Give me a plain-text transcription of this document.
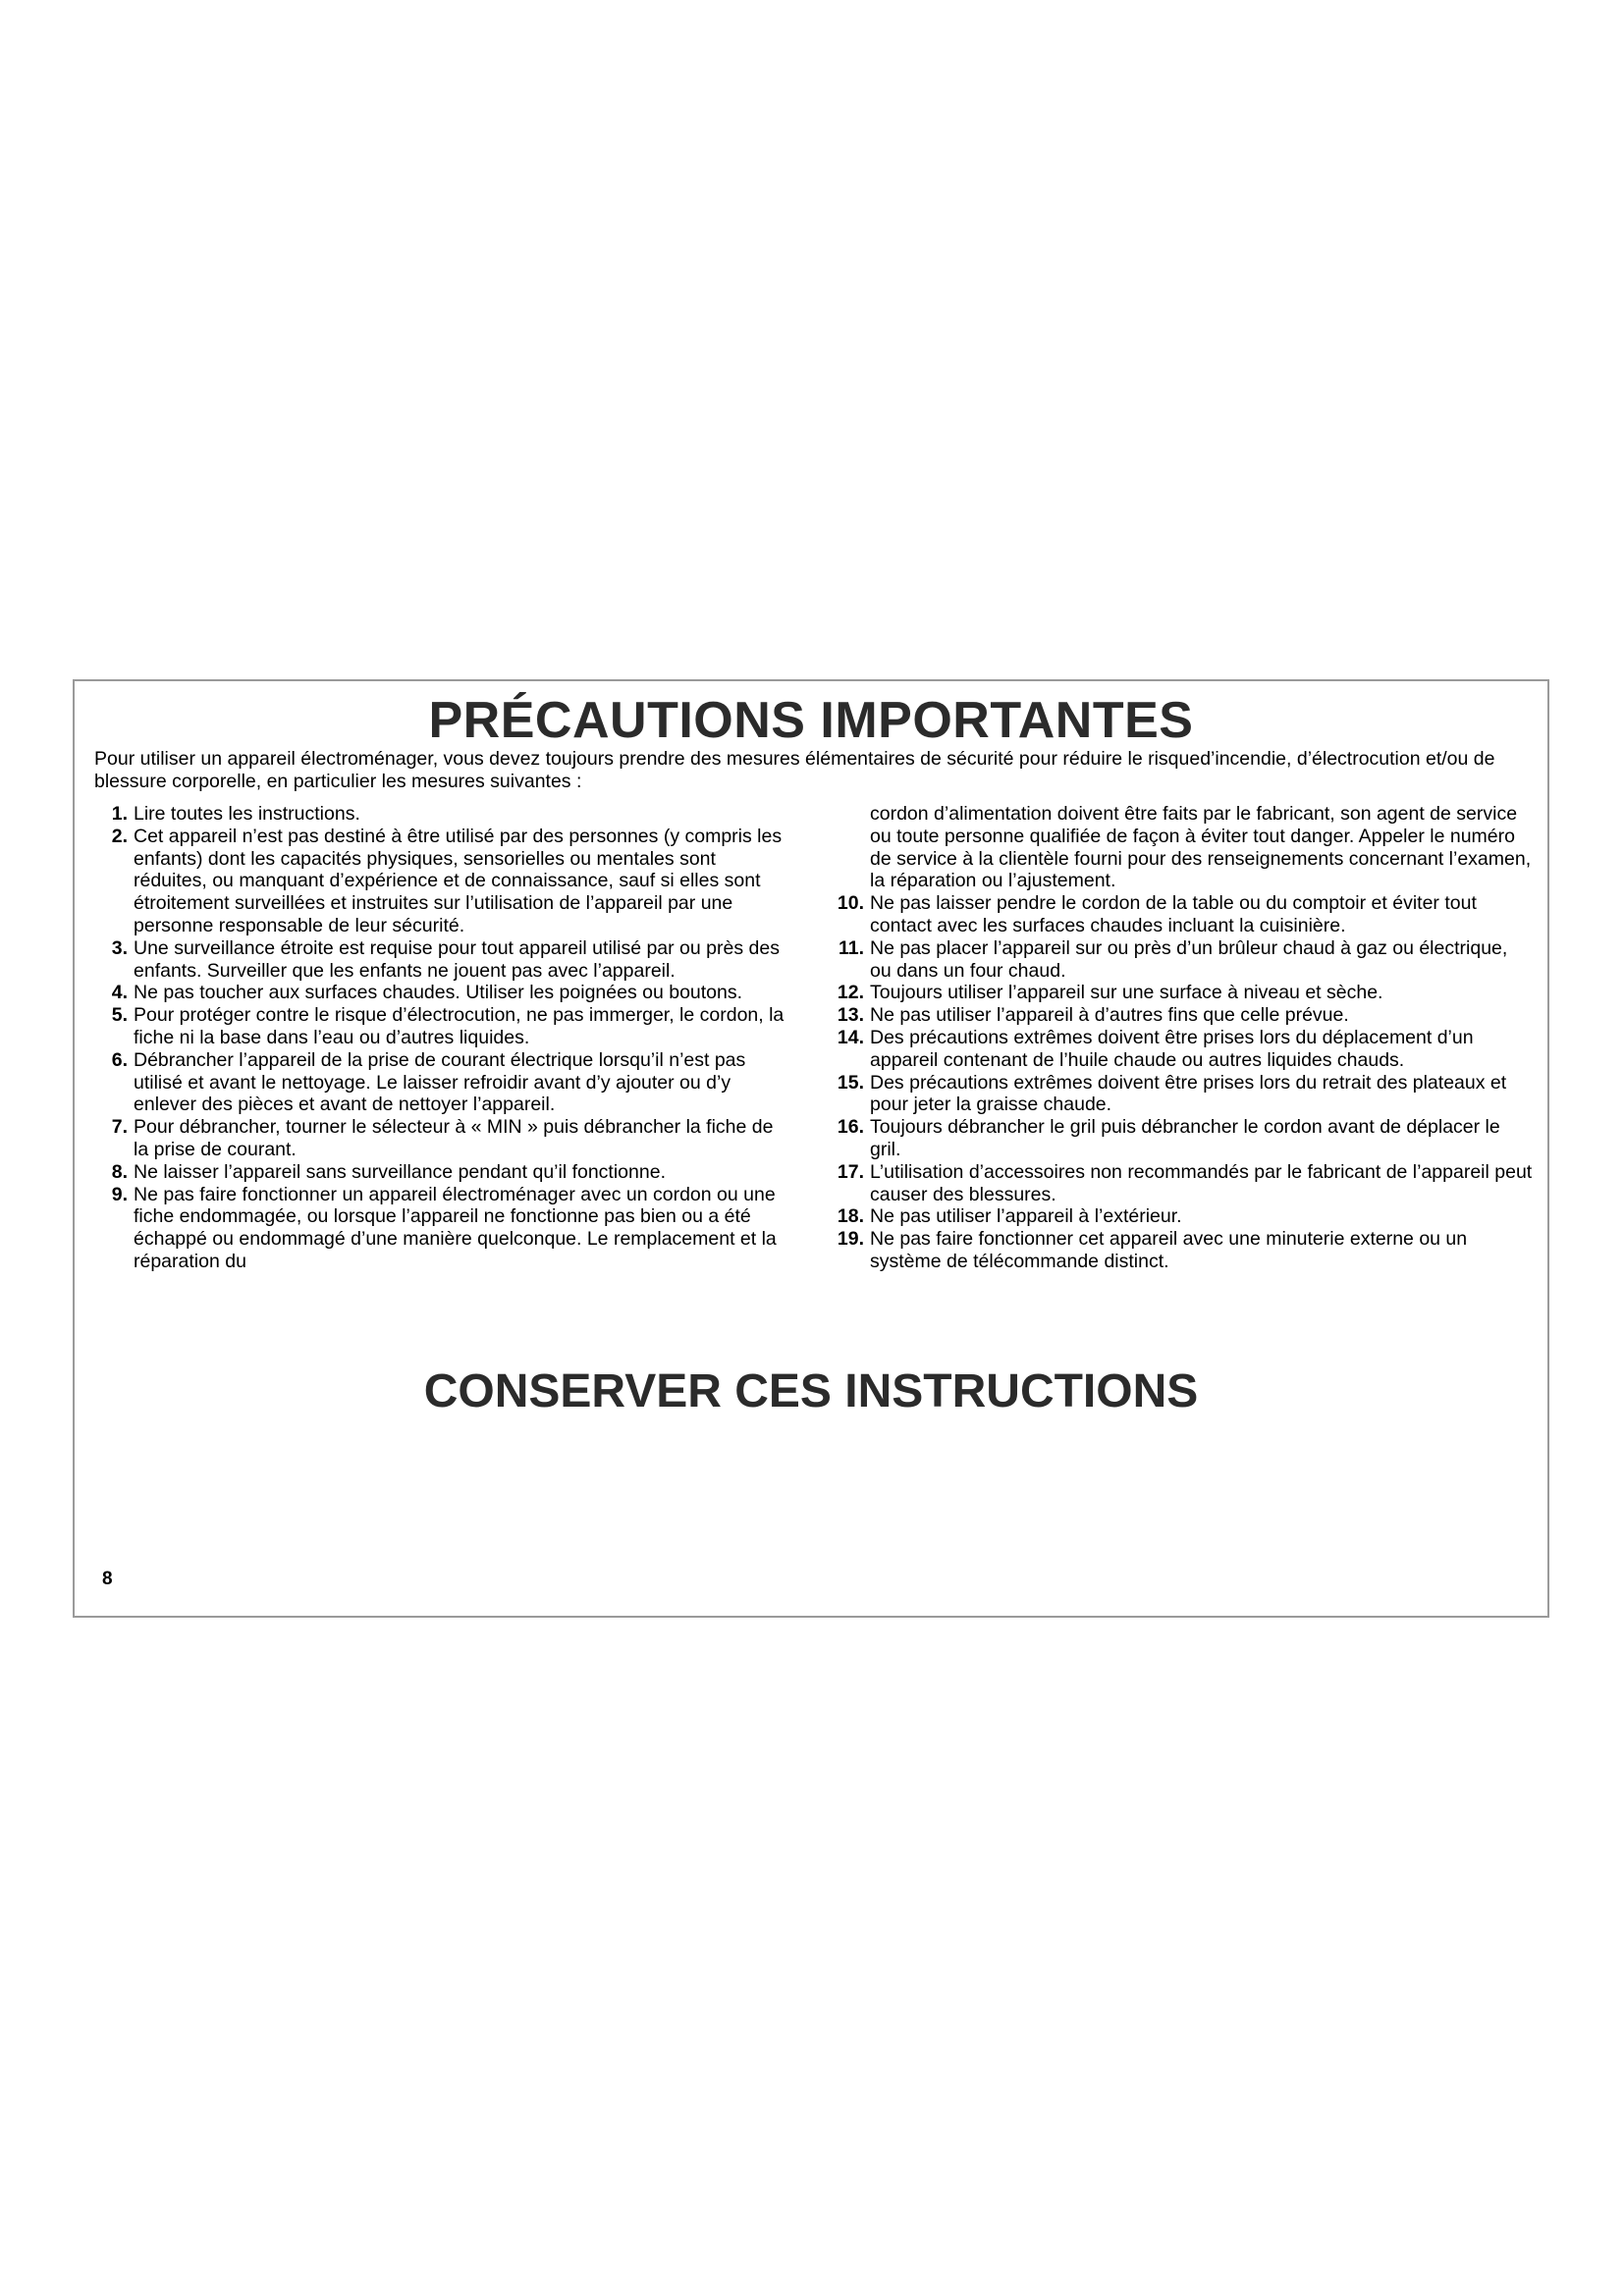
PRÉCAUTIONS IMPORTANTES
Pour utiliser un appareil électroménager, vous devez toujours prendre des mesures élémentaires de sécurité pour réduire le risqued’incendie, d’électrocution et/ou de blessure corporelle, en particulier les mesures suivantes :
1. Lire toutes les instructions.
2. Cet appareil n’est pas destiné à être utilisé par des personnes (y compris les enfants) dont les capacités physiques, sensorielles ou mentales sont réduites, ou manquant d’expérience et de connaissance, sauf si elles sont étroitement surveillées et instruites sur l’utilisation de l’appareil par une personne responsable de leur sécurité.
3. Une surveillance étroite est requise pour tout appareil utilisé par ou près des enfants. Surveiller que les enfants ne jouent pas avec l’appareil.
4. Ne pas toucher aux surfaces chaudes. Utiliser les poignées ou boutons.
5. Pour protéger contre le risque d’électrocution, ne pas immerger, le cordon, la fiche ni la base dans l’eau ou d’autres liquides.
6. Débrancher l’appareil de la prise de courant électrique lorsqu’il n’est pas utilisé et avant le nettoyage. Le laisser refroidir avant d’y ajouter ou d’y enlever des pièces et avant de nettoyer l’appareil.
7. Pour débrancher, tourner le sélecteur à « MIN » puis débrancher la fiche de la prise de courant.
8. Ne laisser l’appareil sans surveillance pendant qu’il fonctionne.
9. Ne pas faire fonctionner un appareil électroménager avec un cordon ou une fiche endommagée, ou lorsque l’appareil ne fonctionne pas bien ou a été échappé ou endommagé d’une manière quelconque. Le remplacement et la réparation du
cordon d’alimentation doivent être faits par le fabricant, son agent de service ou toute personne qualifiée de façon à éviter tout danger. Appeler le numéro de service à la clientèle fourni pour des renseignements concernant l’examen, la réparation ou l’ajustement.
10. Ne pas laisser pendre le cordon de la table ou du comptoir et éviter tout contact avec les surfaces chaudes incluant la cuisinière.
11. Ne pas placer l’appareil sur ou près d’un brûleur chaud à gaz ou électrique, ou dans un four chaud.
12. Toujours utiliser l’appareil sur une surface à niveau et sèche.
13. Ne pas utiliser l’appareil à d’autres fins que celle prévue.
14. Des précautions extrêmes doivent être prises lors du déplacement d’un appareil contenant de l’huile chaude ou autres liquides chauds.
15. Des précautions extrêmes doivent être prises lors du retrait des plateaux et pour jeter la graisse chaude.
16. Toujours débrancher le gril puis débrancher le cordon avant de déplacer le gril.
17. L’utilisation d’accessoires non recommandés par le fabricant de l’appareil peut causer des blessures.
18. Ne pas utiliser l’appareil à l’extérieur.
19. Ne pas faire fonctionner cet appareil avec une minuterie externe ou un système de télécommande distinct.
CONSERVER CES INSTRUCTIONS
8
